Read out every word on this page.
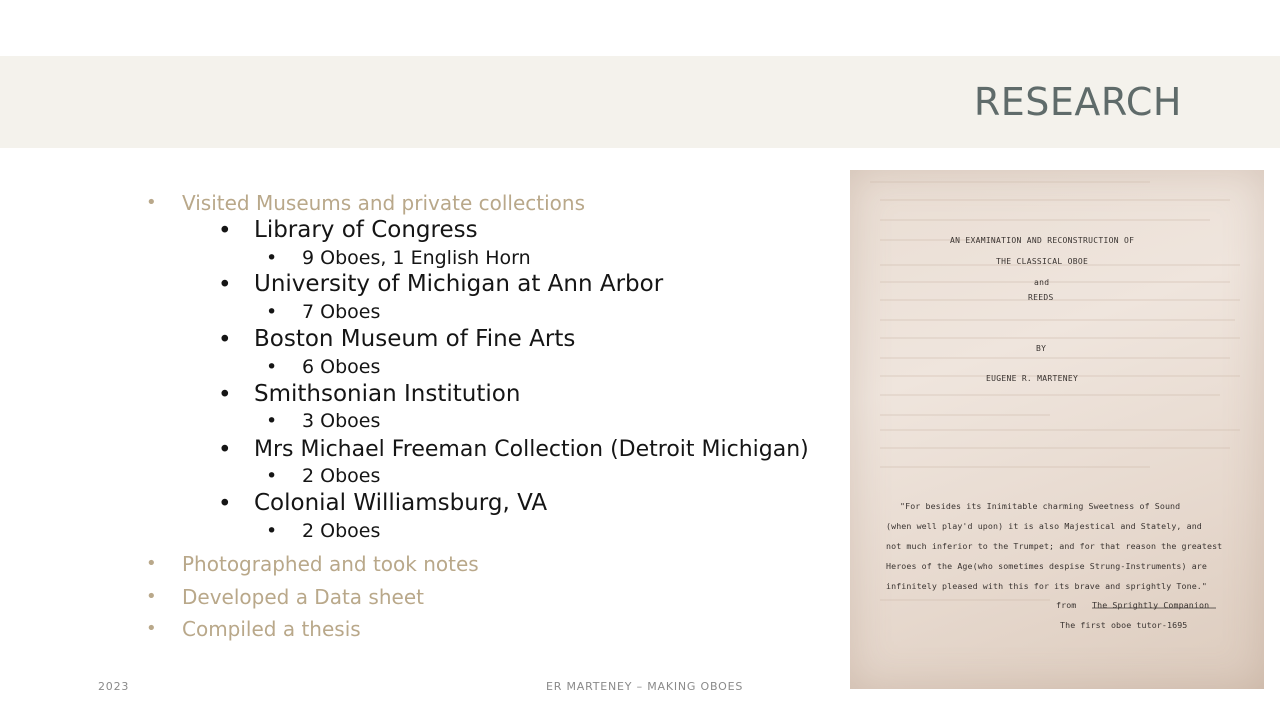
RESEARCH
• Visited Museums and private collections
• Library of Congress
• 9 Oboes, 1 English Horn
• University of Michigan at Ann Arbor
• 7 Oboes
• Boston Museum of Fine Arts
• 6 Oboes
• Smithsonian Institution
• 3 Oboes
• Mrs Michael Freeman Collection (Detroit Michigan)
• 2 Oboes
• Colonial Williamsburg, VA
• 2 Oboes
• Photographed and took notes
• Developed a Data sheet
• Compiled a thesis
AN EXAMINATION AND RECONSTRUCTION OF
THE CLASSICAL OBOE
and
REEDS
BY
EUGENE R. MARTENEY
"For besides its Inimitable charming Sweetness of Sound
(when well play'd upon) it is also Majestical and Stately, and
not much inferior to the Trumpet; and for that reason the greatest
Heroes of the Age(who sometimes despise Strung-Instruments) are
infinitely pleased with this for its brave and sprightly Tone."
from The Sprightly Companion
The first oboe tutor-1695
2023	ER MARTENEY – MAKING OBOES
